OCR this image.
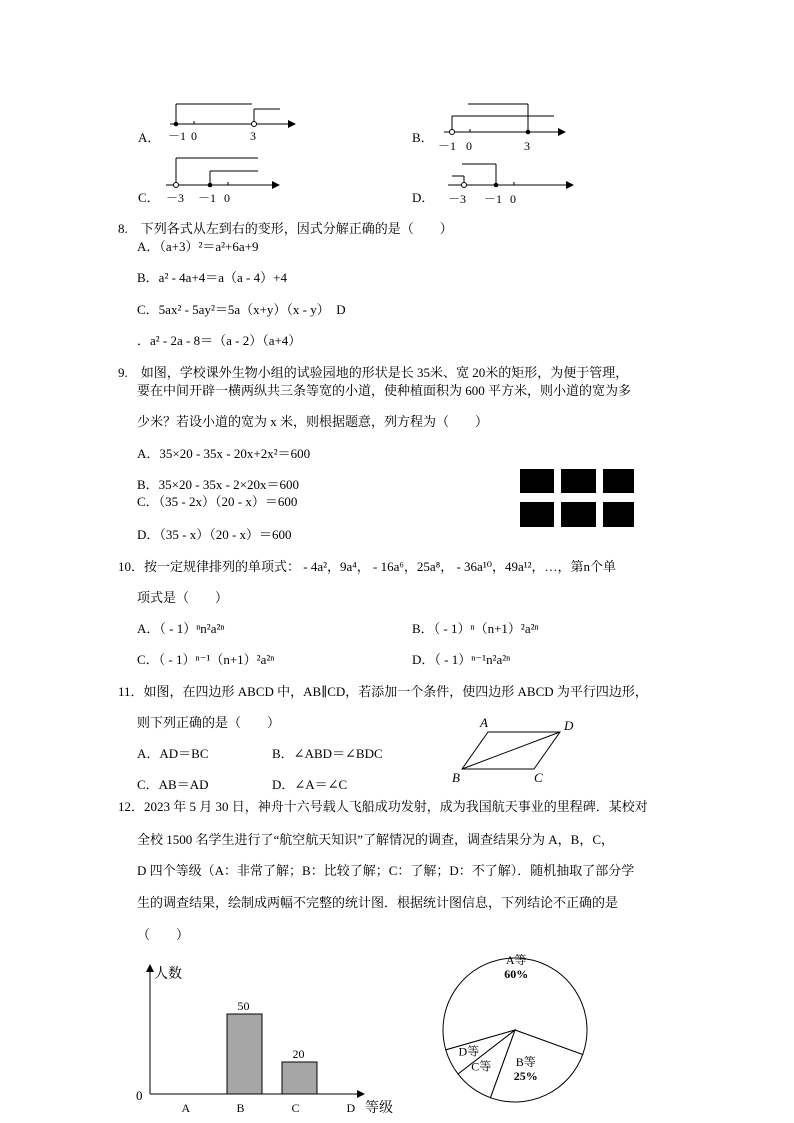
A． －1 0	3	B．
－1 0	3
C． －3 －1 0	D． －3 －1 0
8.　下列各式从左到右的变形，因式分解正确的是（　　）
A．（a+3）²＝a²+6a+9
B．a² - 4a+4＝a（a - 4）+4
C．5ax² - 5ay²＝5a（x+y）（x - y）　D
．a² - 2a - 8＝（a - 2）（a+4）
9.　如图，学校课外生物小组的试验园地的形状是长 35米、宽 20米的矩形，为便于管理，
要在中间开辟一横两纵共三条等宽的小道，使种植面积为 600 平方米，则小道的宽为多
少米？若设小道的宽为 x 米，则根据题意，列方程为（　　）
A．35×20 - 35x - 20x+2x²＝600
B．35×20 - 35x - 2×20x＝600
C．（35 - 2x）（20 - x）＝600
D．（35 - x）（20 - x）＝600
10．按一定规律排列的单项式： - 4a²，9a⁴， - 16a⁶，25a⁸， - 36a¹⁰，49a¹²，…，第n个单
项式是（　　）
A．（ - 1）ⁿn²a²ⁿ	B．（ - 1）ⁿ（n+1）²a²ⁿ
C．（ - 1）ⁿ⁻¹（n+1）²a²ⁿ	D．（ - 1）ⁿ⁻¹n²a²ⁿ
11．如图，在四边形 ABCD 中，AB∥CD，若添加一个条件，使四边形 ABCD 为平行四边形，
则下列正确的是（　　）
A．AD＝BC	B．∠ABD＝∠BDC
C．AB＝AD	D．∠A＝∠C
A	D
B	C
12．2023 年 5 月 30 日，神舟十六号载人飞船成功发射，成为我国航天事业的里程碑．某校对
全校 1500 名学生进行了“航空航天知识”了解情况的调查，调查结果分为 A，B，C，
D 四个等级（A：非常了解；B：比较了解；C：了解；D：不了解）．随机抽取了部分学
生的调查结果，绘制成两幅不完整的统计图．根据统计图信息，下列结论不正确的是
（　　）
人数
等级
0
A	B
50
C
20
D
A等
60%
B等
25%
C等
D等
